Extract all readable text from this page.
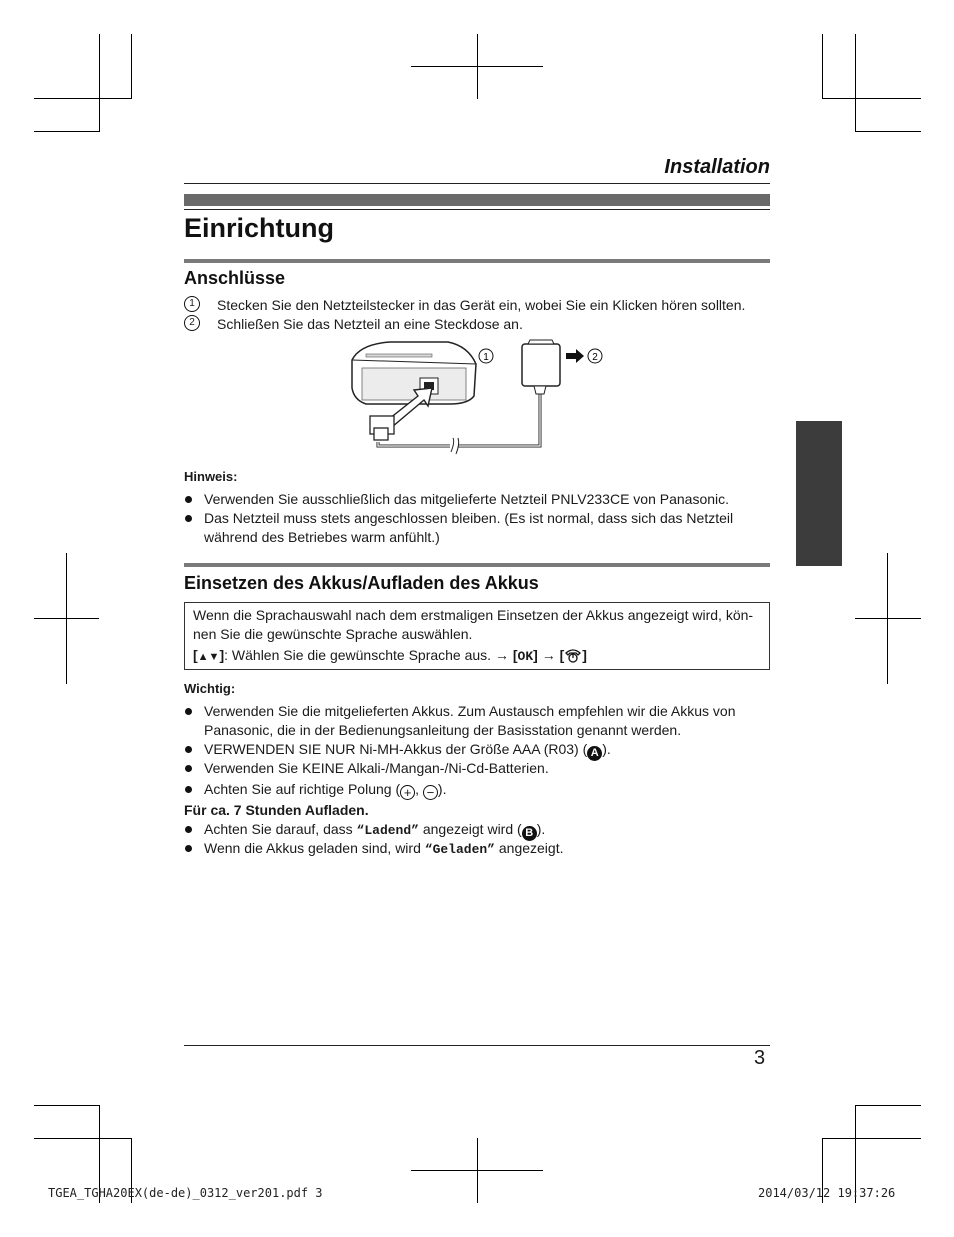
Installation
Einrichtung
Anschlüsse
1	Stecken Sie den Netzteilstecker in das Gerät ein, wobei Sie ein Klicken hören sollten.
2	Schließen Sie das Netzteil an eine Steckdose an.
1	2
Hinweis:
Verwenden Sie ausschließlich das mitgelieferte Netzteil PNLV233CE von Panasonic.
Das Netzteil muss stets angeschlossen bleiben. (Es ist normal, dass sich das Netzteil während des Betriebes warm anfühlt.)
Einsetzen des Akkus/Aufladen des Akkus
Wenn die Sprachauswahl nach dem erstmaligen Einsetzen der Akkus angezeigt wird, kön-
nen Sie die gewünschte Sprache auswählen.
[▲▼]: Wählen Sie die gewünschte Sprache aus. → [OK] → [ ]
Wichtig:
Verwenden Sie die mitgelieferten Akkus. Zum Austausch empfehlen wir die Akkus von Panasonic, die in der Bedienungsanleitung der Basisstation genannt werden.
VERWENDEN SIE NUR Ni-MH-Akkus der Größe AAA (R03) ( A ).
Verwenden Sie KEINE Alkali-/Mangan-/Ni-Cd-Batterien.
Achten Sie auf richtige Polung ( + , − ).
Für ca. 7 Stunden Aufladen.
Achten Sie darauf, dass “Ladend” angezeigt wird ( B ).
Wenn die Akkus geladen sind, wird “Geladen” angezeigt.
3
TGEA_TGHA20EX(de-de)_0312_ver201.pdf 3	2014/03/12 19:37:26
